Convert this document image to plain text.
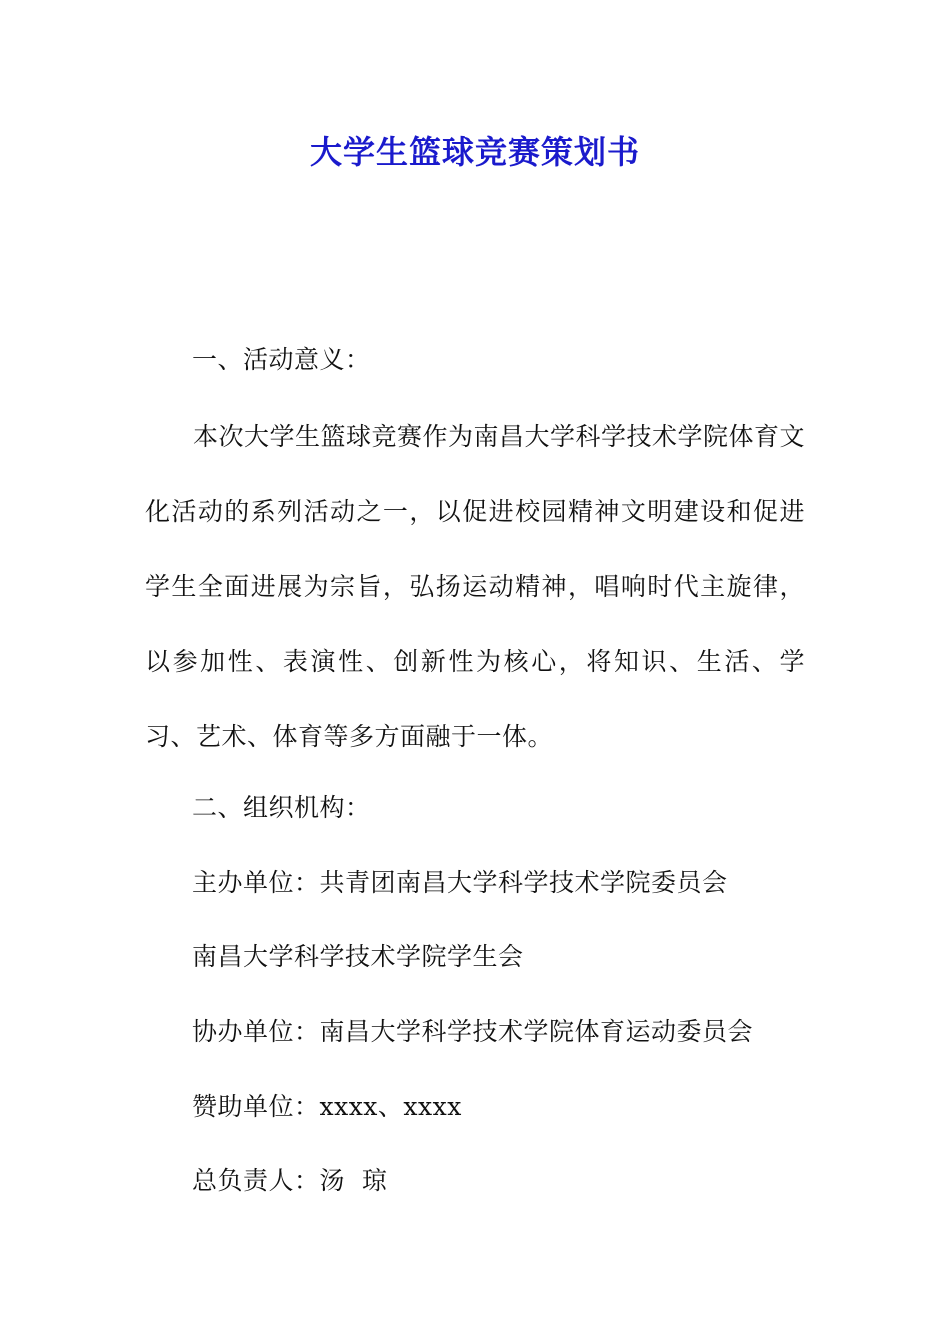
大学生篮球竞赛策划书

一、活动意义：

本次大学生篮球竞赛作为南昌大学科学技术学院体育文化活动的系列活动之一，以促进校园精神文明建设和促进学生全面进展为宗旨，弘扬运动精神，唱响时代主旋律，以参加性、表演性、创新性为核心，将知识、生活、学习、艺术、体育等多方面融于一体。

二、组织机构：

主办单位：共青团南昌大学科学技术学院委员会

南昌大学科学技术学院学生会

协办单位：南昌大学科学技术学院体育运动委员会

赞助单位：xxxx、xxxx

总负责人：汤  琼
